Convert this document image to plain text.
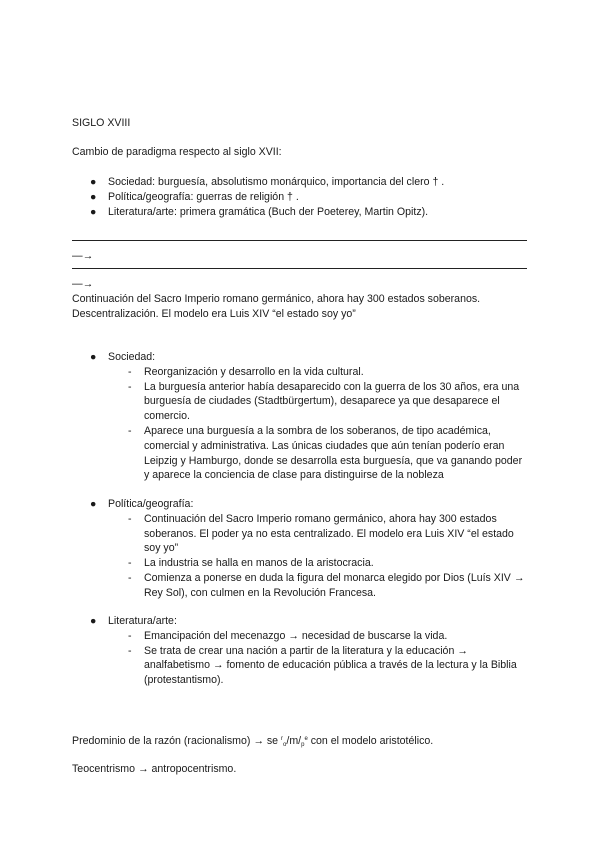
SIGLO XVIII
Cambio de paradigma respecto al siglo XVII:
● Sociedad: burguesía, absolutismo monárquico, importancia del clero † .
● Política/geografía: guerras de religión † .
● Literatura/arte: primera gramática (Buch der Poeterey, Martin Opitz).
—→
—→
Continuación del Sacro Imperio romano germánico, ahora hay 300 estados soberanos. Descentralización. El modelo era Luis XIV “el estado soy yo”
● Sociedad:
- Reorganización y desarrollo en la vida cultural.
- La burguesía anterior había desaparecido con la guerra de los 30 años, era una burguesía de ciudades (Stadtbürgertum), desaparece ya que desaparece el comercio.
- Aparece una burguesía a la sombra de los soberanos, de tipo académica, comercial y administrativa. Las únicas ciudades que aún tenían poderío eran Leipzig y Hamburgo, donde se desarrolla esta burguesía, que va ganando poder y aparece la conciencia de clase para distinguirse de la nobleza
● Política/geografía:
- Continuación del Sacro Imperio romano germánico, ahora hay 300 estados soberanos. El poder ya no esta centralizado. El modelo era Luis XIV “el estado soy yo”
- La industria se halla en manos de la aristocracia.
- Comienza a ponerse en duda la figura del monarca elegido por Dios (Luís XIV → Rey Sol), con culmen en la Revolución Francesa.
● Literatura/arte:
- Emancipación del mecenazgo → necesidad de buscarse la vida.
- Se trata de crear una nación a partir de la literatura y la educación → analfabetismo → fomento de educación pública a través de la lectura y la Biblia (protestantismo).
Predominio de la razón (racionalismo) → se $^ro/m/p^e$ con el modelo aristotélico.
Teocentrismo → antropocentrismo.
